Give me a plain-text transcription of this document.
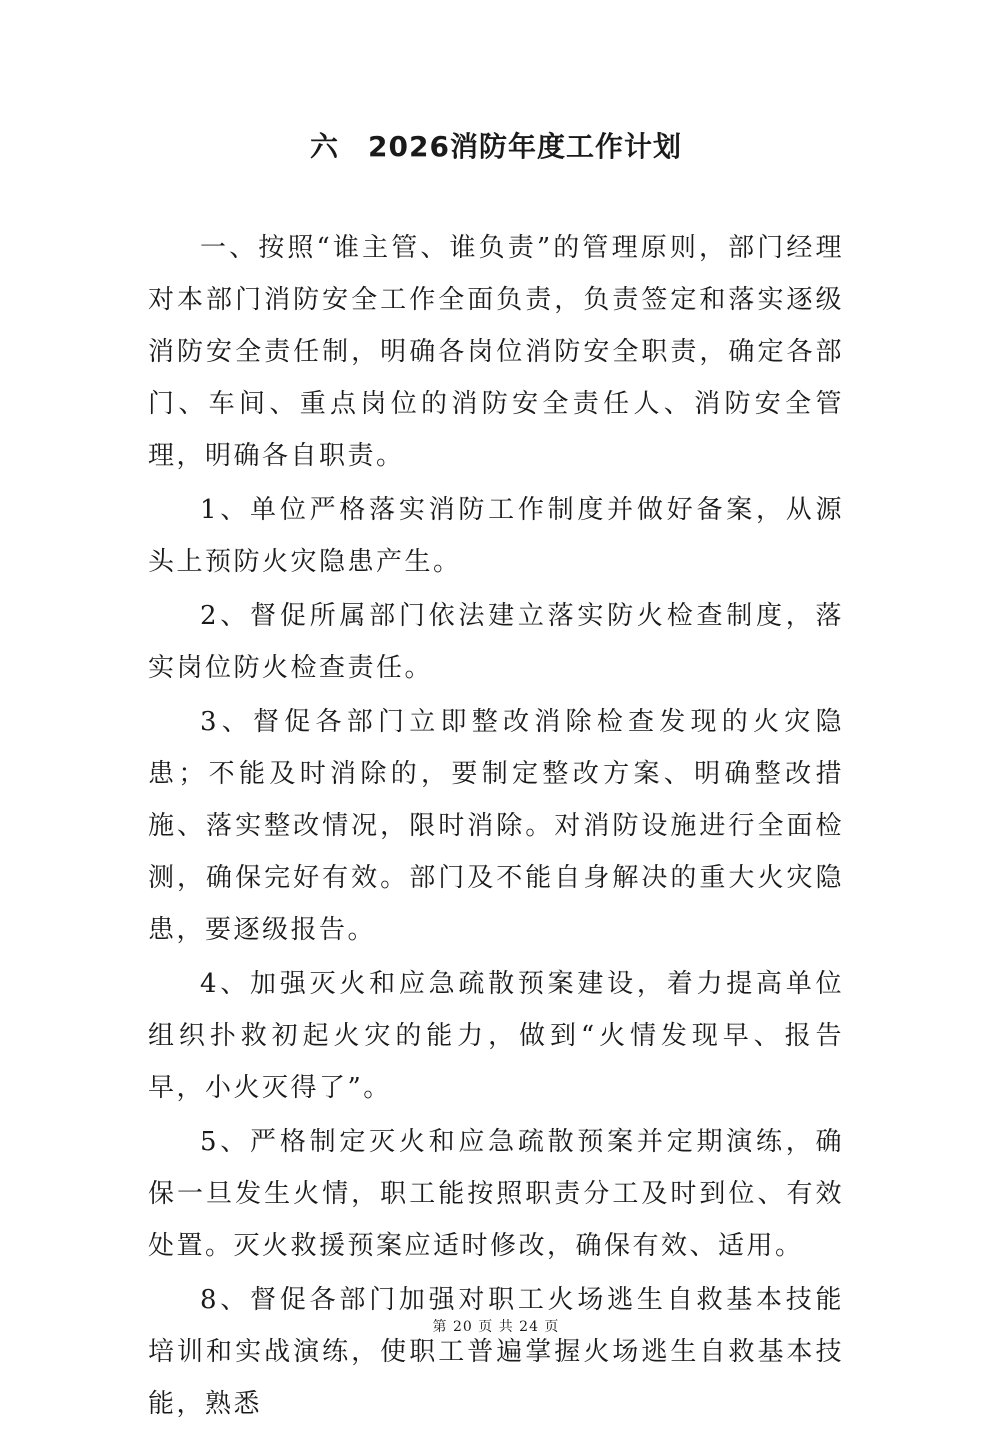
六　2026消防年度工作计划

一、按照“谁主管、谁负责”的管理原则，部门经理对本部门消防安全工作全面负责，负责签定和落实逐级消防安全责任制，明确各岗位消防安全职责，确定各部门、车间、重点岗位的消防安全责任人、消防安全管理，明确各自职责。

1、单位严格落实消防工作制度并做好备案，从源头上预防火灾隐患产生。

2、督促所属部门依法建立落实防火检查制度，落实岗位防火检查责任。

3、督促各部门立即整改消除检查发现的火灾隐患；不能及时消除的，要制定整改方案、明确整改措施、落实整改情况，限时消除。对消防设施进行全面检测，确保完好有效。部门及不能自身解决的重大火灾隐患，要逐级报告。

4、加强灭火和应急疏散预案建设，着力提高单位组织扑救初起火灾的能力，做到“火情发现早、报告早，小火灭得了”。

5、严格制定灭火和应急疏散预案并定期演练，确保一旦发生火情，职工能按照职责分工及时到位、有效处置。灭火救援预案应适时修改，确保有效、适用。

8、督促各部门加强对职工火场逃生自救基本技能培训和实战演练，使职工普遍掌握火场逃生自救基本技能，熟悉

第 20 页 共 24 页
